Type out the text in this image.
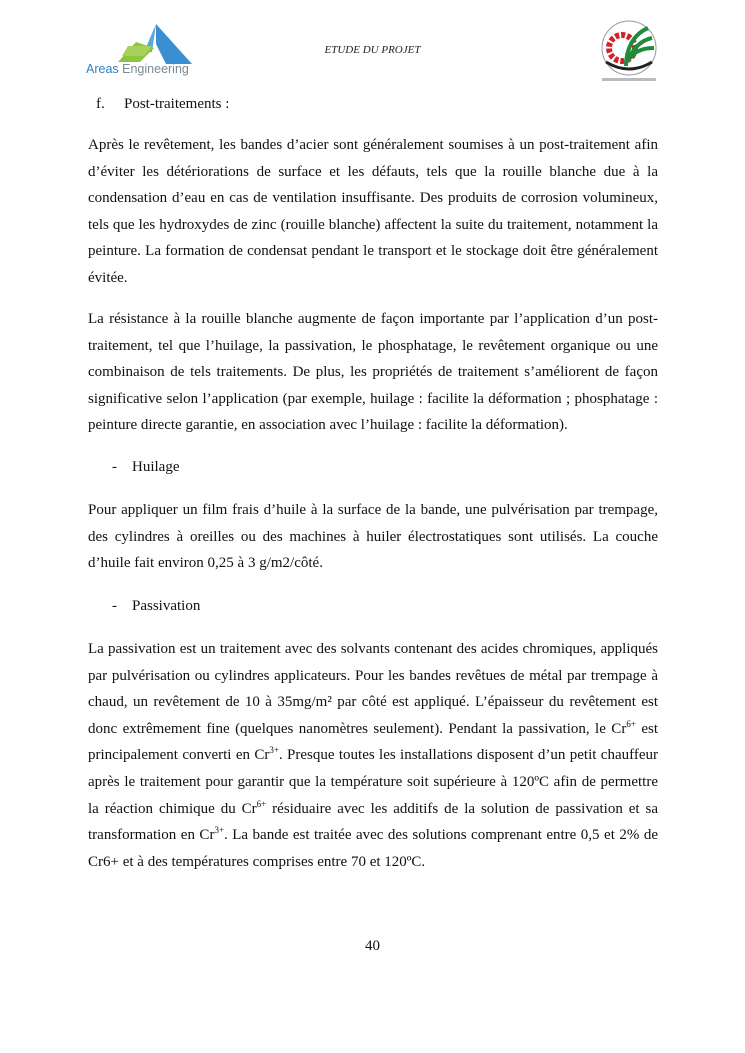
ETUDE DU PROJET
Areas Engineering
f. Post-traitements :

Après le revêtement, les bandes d’acier sont généralement soumises à un post-traitement afin d’éviter les détériorations de surface et les défauts, tels que la rouille blanche due à la condensation d’eau en cas de ventilation insuffisante. Des produits de corrosion volumineux, tels que les hydroxydes de zinc (rouille blanche) affectent la suite du traitement, notamment la peinture. La formation de condensat pendant le transport et le stockage doit être généralement évitée.

La résistance à la rouille blanche augmente de façon importante par l’application d’un post-traitement, tel que l’huilage, la passivation, le phosphatage, le revêtement organique ou une combinaison de tels traitements. De plus, les propriétés de traitement s’améliorent de façon significative selon l’application (par exemple, huilage : facilite la déformation ; phosphatage : peinture directe garantie, en association avec l’huilage : facilite la déformation).

- Huilage

Pour appliquer un film frais d’huile à la surface de la bande, une pulvérisation par trempage, des cylindres à oreilles ou des machines à huiler électrostatiques sont utilisés. La couche d’huile fait environ 0,25 à 3 g/m2/côté.

- Passivation

La passivation est un traitement avec des solvants contenant des acides chromiques, appliqués par pulvérisation ou cylindres applicateurs. Pour les bandes revêtues de métal par trempage à chaud, un revêtement de 10 à 35mg/m² par côté est appliqué. L’épaisseur du revêtement est donc extrêmement fine (quelques nanomètres seulement). Pendant la passivation, le $Cr^{6+}$ est principalement converti en $Cr^{3+}$. Presque toutes les installations disposent d’un petit chauffeur après le traitement pour garantir que la température soit supérieure à 120ºC afin de permettre la réaction chimique du $Cr^{6+}$ résiduaire avec les additifs de la solution de passivation et sa transformation en $Cr^{3+}$. La bande est traitée avec des solutions comprenant entre 0,5 et 2% de Cr6+ et à des températures comprises entre 70 et 120ºC.

40
